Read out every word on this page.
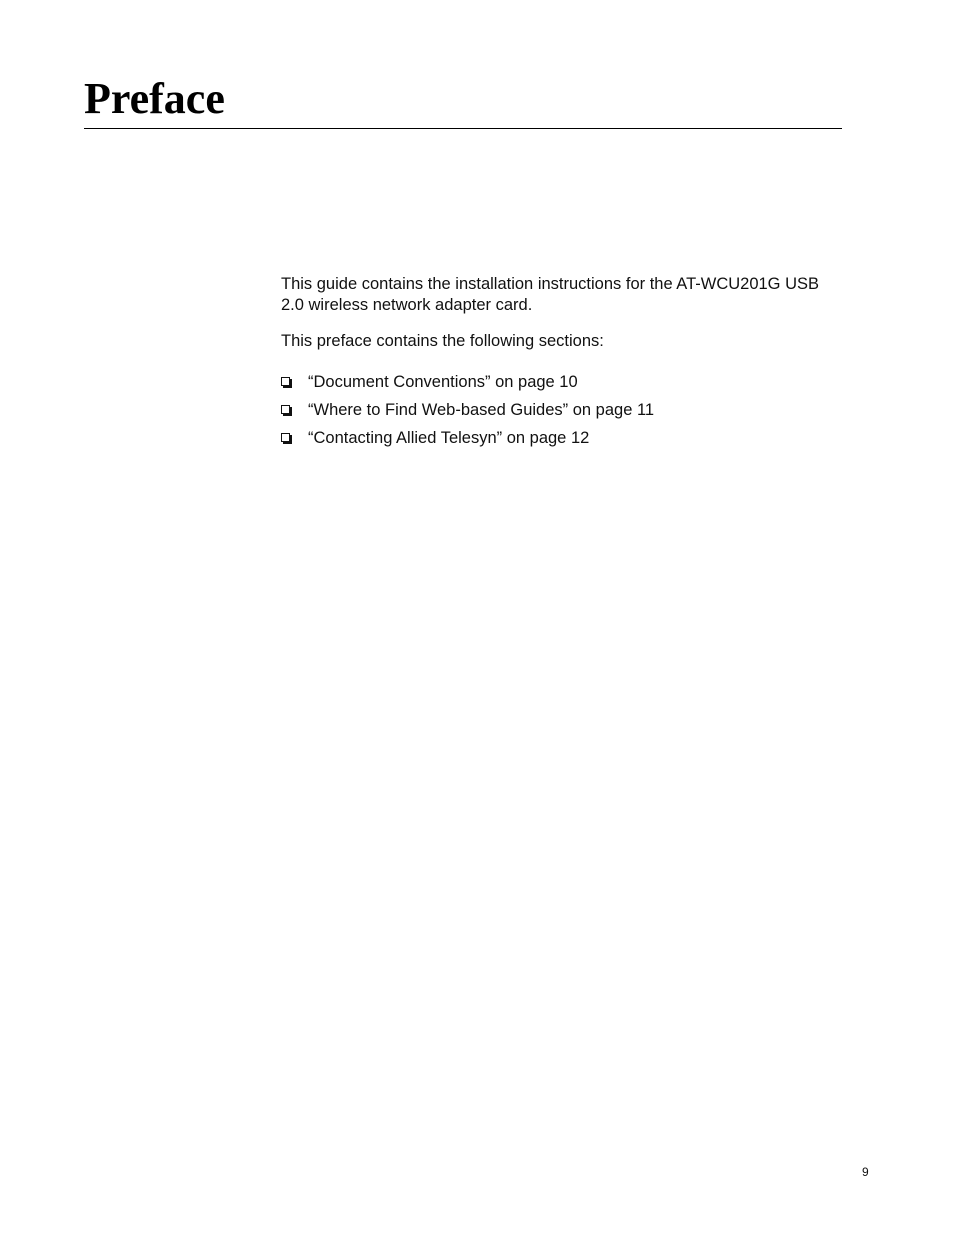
Preface

This guide contains the installation instructions for the AT-WCU201G USB 2.0 wireless network adapter card.

This preface contains the following sections:

“Document Conventions” on page 10
“Where to Find Web-based Guides” on page 11
“Contacting Allied Telesyn” on page 12
9
